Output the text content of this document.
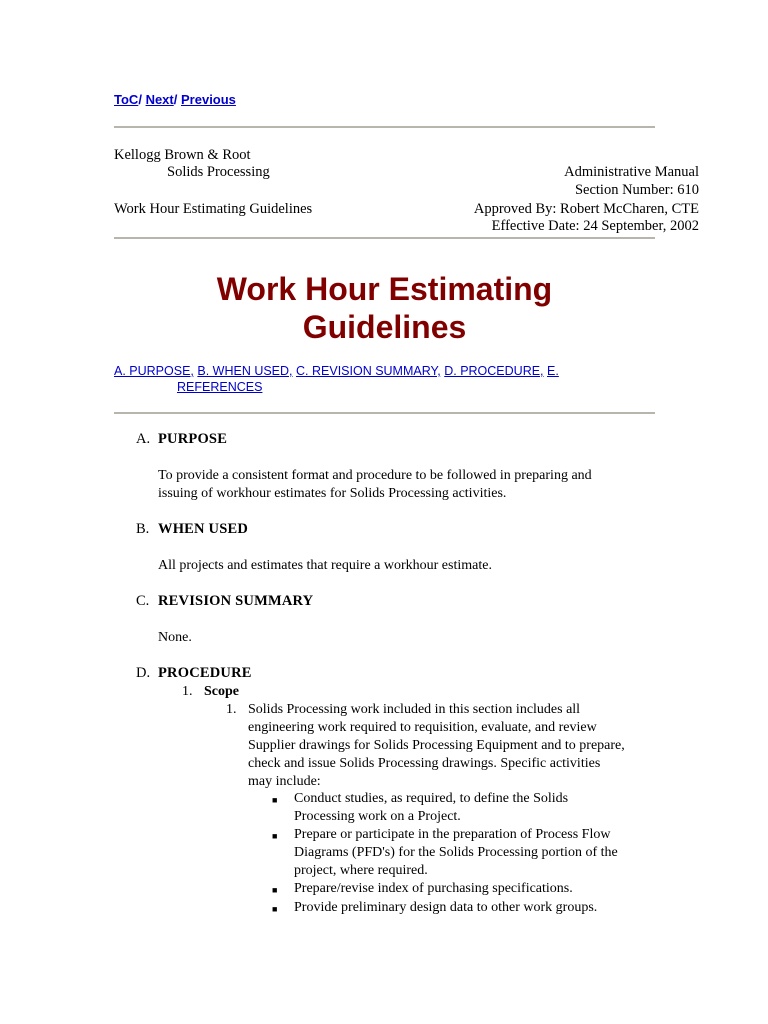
ToC/ Next/ Previous
Kellogg Brown & Root
Solids Processing	Administrative Manual
Section Number: 610
Work Hour Estimating Guidelines	Approved By: Robert McCharen, CTE
Effective Date: 24 September, 2002
Work Hour Estimating
Guidelines
A. PURPOSE, B. WHEN USED, C. REVISION SUMMARY, D. PROCEDURE, E.
REFERENCES
A. PURPOSE
To provide a consistent format and procedure to be followed in preparing and
issuing of workhour estimates for Solids Processing activities.
B. WHEN USED
All projects and estimates that require a workhour estimate.
C. REVISION SUMMARY
None.
D. PROCEDURE
1. Scope
1. Solids Processing work included in this section includes all
engineering work required to requisition, evaluate, and review
Supplier drawings for Solids Processing Equipment and to prepare,
check and issue Solids Processing drawings. Specific activities
may include:
■ Conduct studies, as required, to define the Solids
Processing work on a Project.
■ Prepare or participate in the preparation of Process Flow
Diagrams (PFD's) for the Solids Processing portion of the
project, where required.
■ Prepare/revise index of purchasing specifications.
■ Provide preliminary design data to other work groups.
